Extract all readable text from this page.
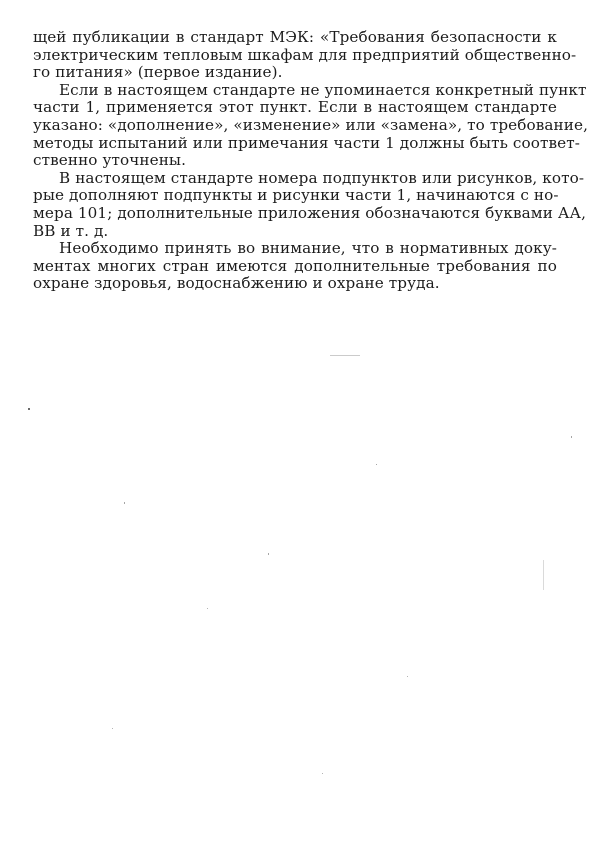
щей публикации в стандарт МЭК: «Требования безопасности к
электрическим тепловым шкафам для предприятий общественно-
го питания» (первое издание).
Если в настоящем стандарте не упоминается конкретный пункт
части 1, применяется этот пункт. Если в настоящем стандарте
указано: «дополнение», «изменение» или «замена», то требование,
методы испытаний или примечания части 1 должны быть соответ-
ственно уточнены.
В настоящем стандарте номера подпунктов или рисунков, кото-
рые дополняют подпункты и рисунки части 1, начинаются с но-
мера 101; дополнительные приложения обозначаются буквами АА,
ВВ и т. д.
Необходимо принять во внимание, что в нормативных доку-
ментах многих стран имеются дополнительные требования по
охране здоровья, водоснабжению и охране труда.
